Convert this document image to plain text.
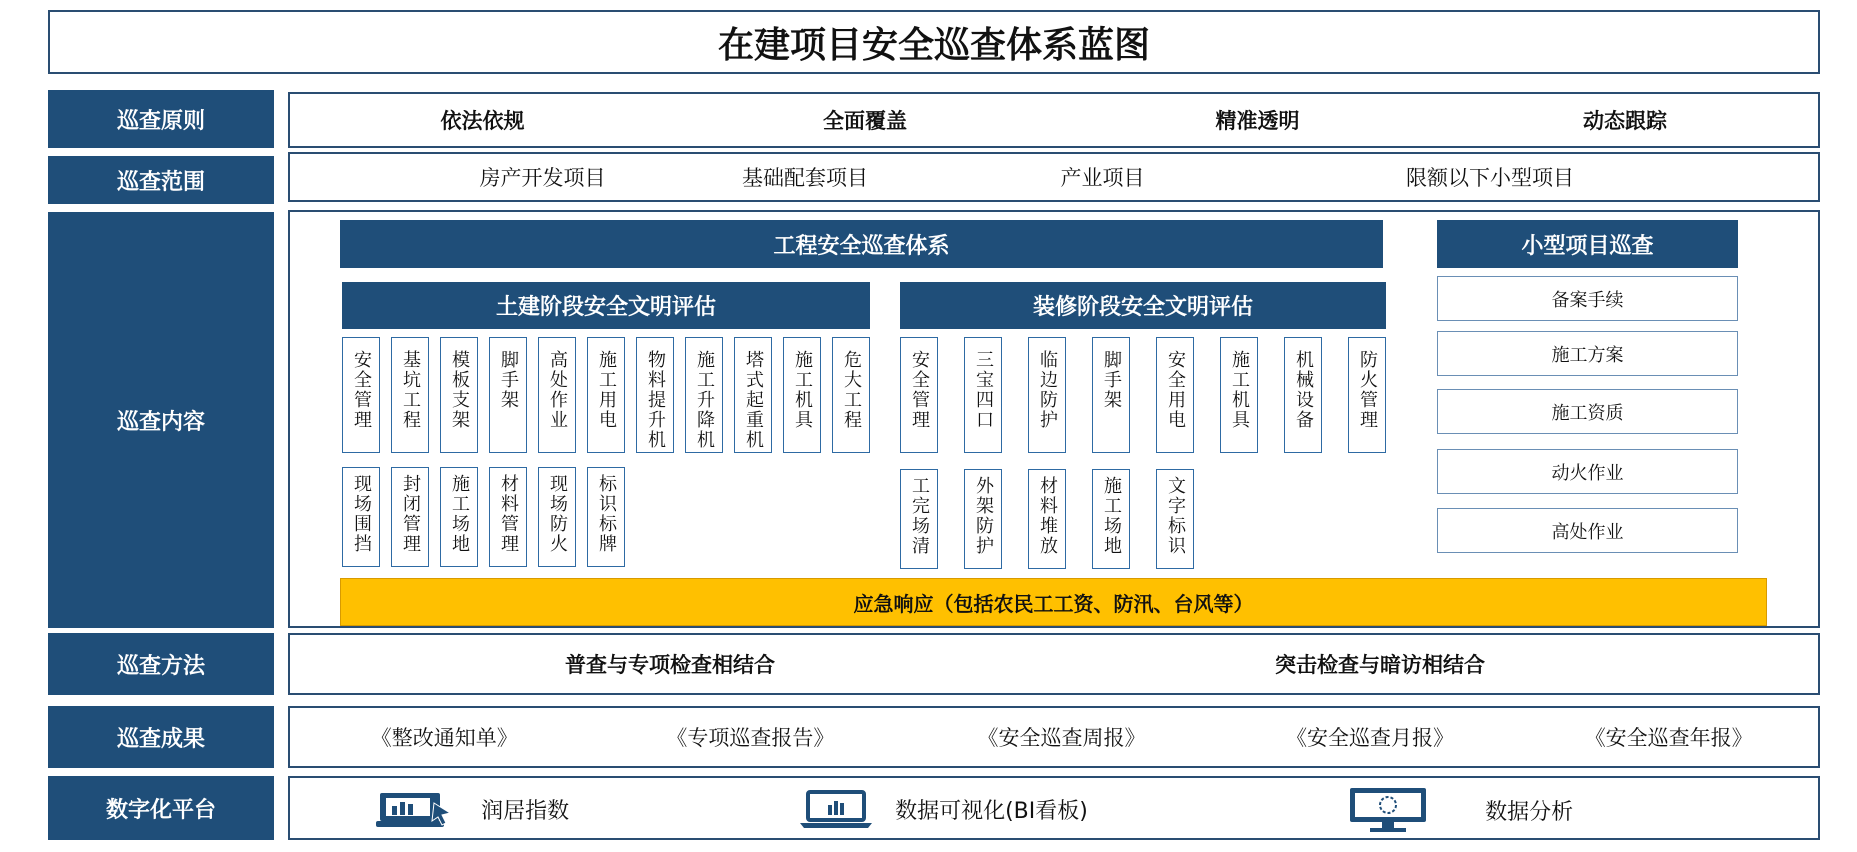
在建项目安全巡查体系蓝图
巡查原则	依法依规	全面覆盖	精准透明	动态跟踪
巡查范围	房产开发项目	基础配套项目	产业项目	限额以下小型项目
巡查内容
工程安全巡查体系	小型项目巡查
土建阶段安全文明评估	装修阶段安全文明评估
安全管理 基坑工程 模板支架 脚手架 高处作业 施工用电 物料提升机 施工升降机 塔式起重机 施工机具 危大工程
现场围挡 封闭管理 施工场地 材料管理 现场防火 标识标牌
安全管理 三宝四口 临边防护 脚手架 安全用电 施工机具 机械设备 防火管理
工完场清 外架防护 材料堆放 施工场地 文字标识
备案手续
施工方案
施工资质
动火作业
高处作业
应急响应（包括农民工工资、防汛、台风等）
巡查方法	普查与专项检查相结合	突击检查与暗访相结合
巡查成果	《整改通知单》	《专项巡查报告》	《安全巡查周报》	《安全巡查月报》	《安全巡查年报》
数字化平台	润居指数	数据可视化(BI看板)	数据分析
